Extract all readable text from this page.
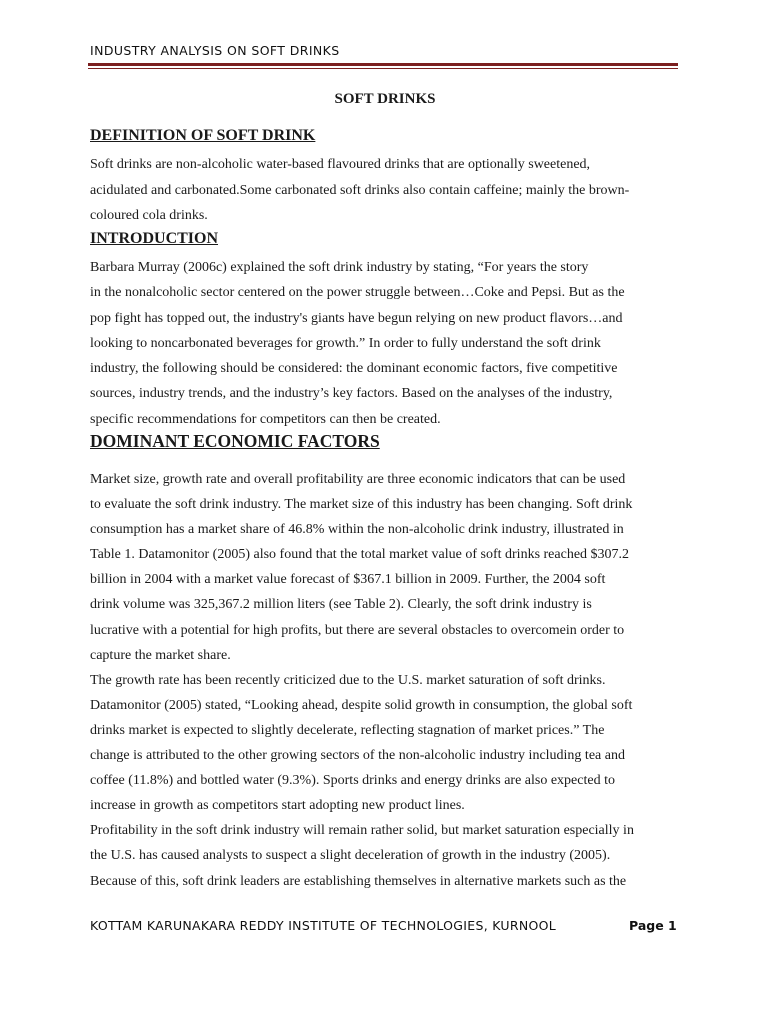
INDUSTRY ANALYSIS ON SOFT DRINKS
SOFT DRINKS
DEFINITION OF SOFT DRINK
Soft drinks are non-alcoholic water-based flavoured drinks that are optionally sweetened,
acidulated and carbonated.Some carbonated soft drinks also contain caffeine; mainly the brown-
coloured cola drinks.
INTRODUCTION
Barbara Murray (2006c) explained the soft drink industry by stating, “For years the story
in the nonalcoholic sector centered on the power struggle between…Coke and Pepsi. But as the
pop fight has topped out, the industry's giants have begun relying on new product flavors…and
looking to noncarbonated beverages for growth.” In order to fully understand the soft drink
industry, the following should be considered: the dominant economic factors, five competitive
sources, industry trends, and the industry’s key factors. Based on the analyses of the industry,
specific recommendations for competitors can then be created.
DOMINANT ECONOMIC FACTORS
Market size, growth rate and overall profitability are three economic indicators that can be used
to evaluate the soft drink industry. The market size of this industry has been changing. Soft drink
consumption has a market share of 46.8% within the non-alcoholic drink industry, illustrated in
Table 1. Datamonitor (2005) also found that the total market value of soft drinks reached $307.2
billion in 2004 with a market value forecast of $367.1 billion in 2009. Further, the 2004 soft
drink volume was 325,367.2 million liters (see Table 2). Clearly, the soft drink industry is
lucrative with a potential for high profits, but there are several obstacles to overcomein order to
capture the market share.
The growth rate has been recently criticized due to the U.S. market saturation of soft drinks.
Datamonitor (2005) stated, “Looking ahead, despite solid growth in consumption, the global soft
drinks market is expected to slightly decelerate, reflecting stagnation of market prices.” The
change is attributed to the other growing sectors of the non-alcoholic industry including tea and
coffee (11.8%) and bottled water (9.3%). Sports drinks and energy drinks are also expected to
increase in growth as competitors start adopting new product lines.
Profitability in the soft drink industry will remain rather solid, but market saturation especially in
the U.S. has caused analysts to suspect a slight deceleration of growth in the industry (2005).
Because of this, soft drink leaders are establishing themselves in alternative markets such as the
KOTTAM KARUNAKARA REDDY INSTITUTE OF TECHNOLOGIES, KURNOOL	Page 1
